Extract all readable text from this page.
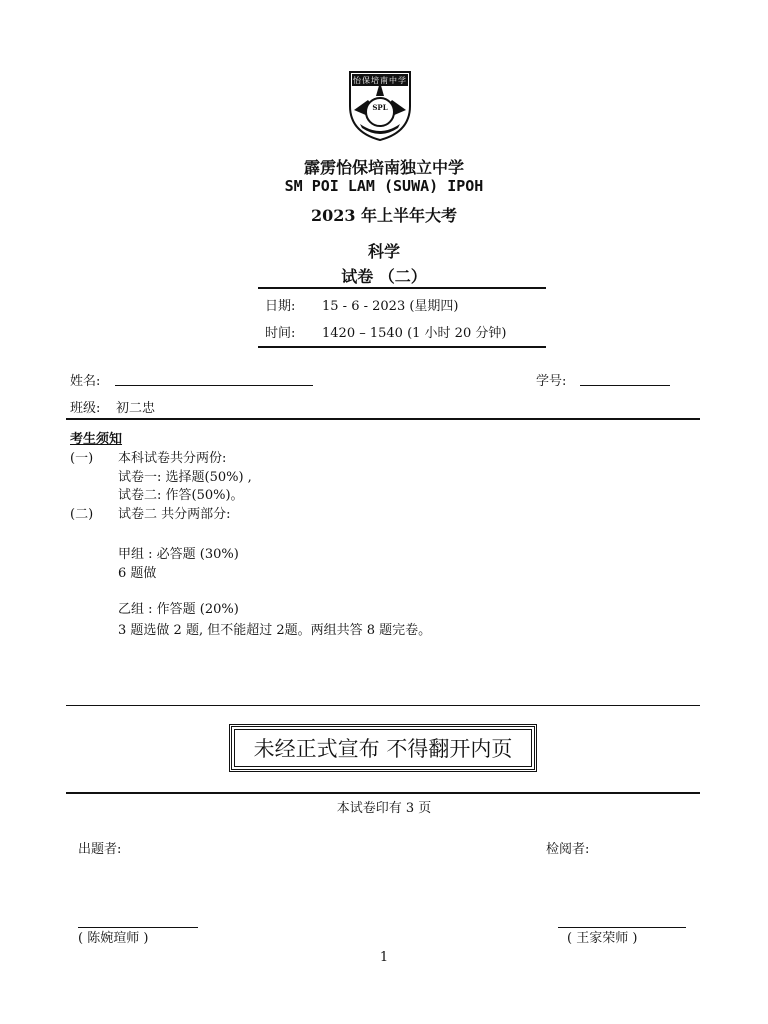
SPL
怡保培南中学
霹雳怡保培南独立中学
SM POI LAM (SUWA) IPOH
2023 年上半年大考
科学
试卷 （二）
日期: 15 - 6 - 2023 (星期四)
时间: 1420 – 1540 (1 小时 20 分钟)
姓名:	学号:
班级: 初二忠
考生须知
(一) 本科试卷共分两份:
试卷一: 选择题(50%) ,
试卷二: 作答(50%)。
(二) 试卷二 共分两部分:
甲组 : 必答题 (30%)
6 题做
乙组 : 作答题 (20%)
3 题选做 2 题, 但不能超过 2题。两组共答 8 题完卷。
未经正式宣布 不得翻开内页
本试卷印有 3 页
出题者:	检阅者:
( 陈婉瑄师 )	( 王家荣师 )
1
